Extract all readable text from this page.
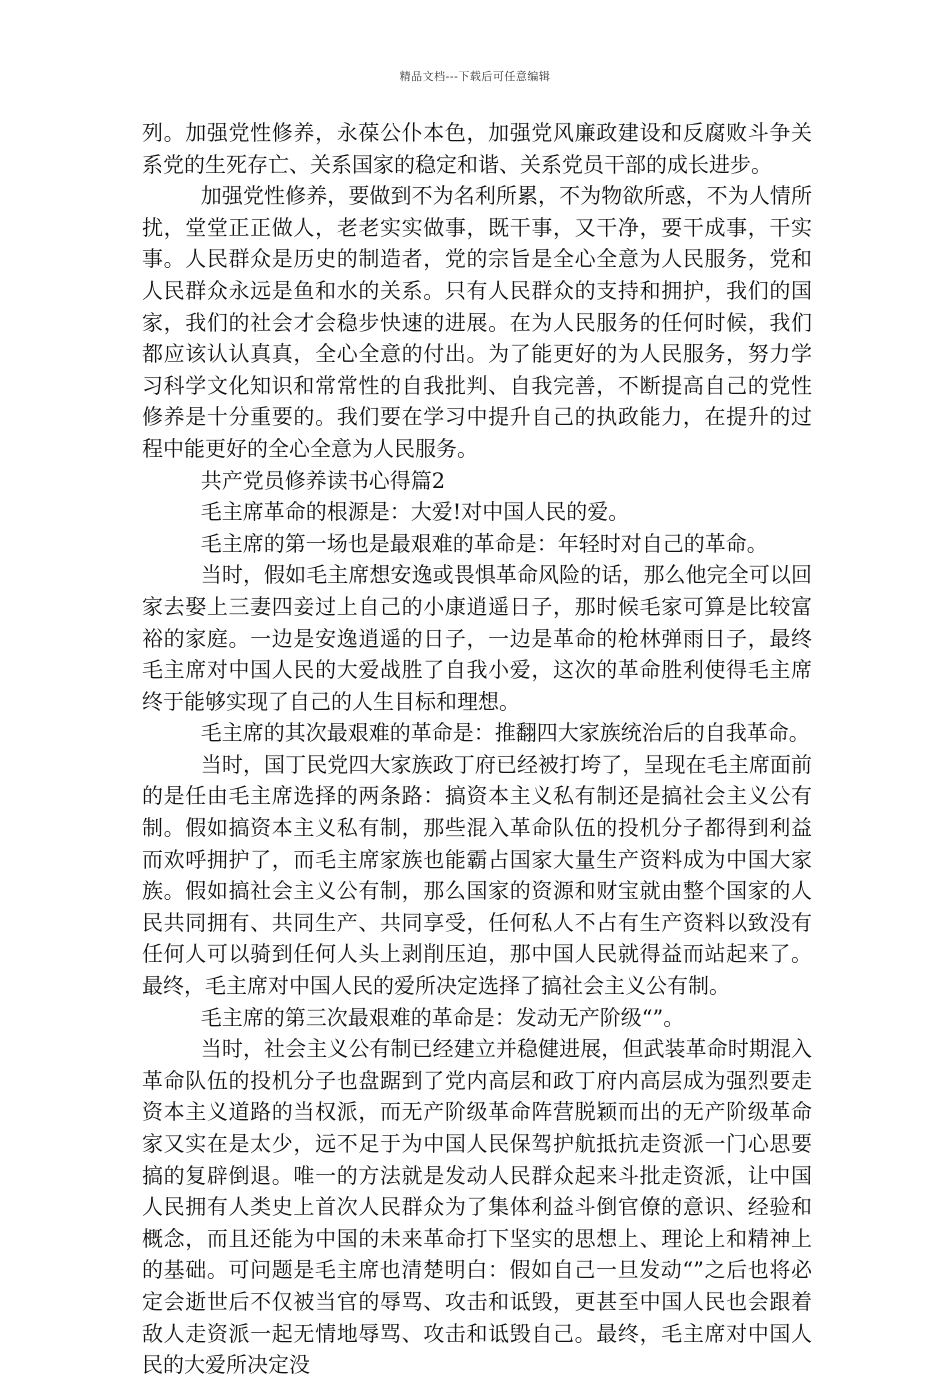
精品文档---下载后可任意编辑

列。加强党性修养，永葆公仆本色，加强党风廉政建设和反腐败斗争关系党的生死存亡、关系国家的稳定和谐、关系党员干部的成长进步。

加强党性修养，要做到不为名利所累，不为物欲所惑，不为人情所扰，堂堂正正做人，老老实实做事，既干事，又干净，要干成事，干实事。人民群众是历史的制造者，党的宗旨是全心全意为人民服务，党和人民群众永远是鱼和水的关系。只有人民群众的支持和拥护，我们的国家，我们的社会才会稳步快速的进展。在为人民服务的任何时候，我们都应该认认真真，全心全意的付出。为了能更好的为人民服务，努力学习科学文化知识和常常性的自我批判、自我完善，不断提高自己的党性修养是十分重要的。我们要在学习中提升自己的执政能力，在提升的过程中能更好的全心全意为人民服务。

共产党员修养读书心得篇2

毛主席革命的根源是：大爱!对中国人民的爱。

毛主席的第一场也是最艰难的革命是：年轻时对自己的革命。

当时，假如毛主席想安逸或畏惧革命风险的话，那么他完全可以回家去娶上三妻四妾过上自己的小康逍遥日子，那时候毛家可算是比较富裕的家庭。一边是安逸逍遥的日子，一边是革命的枪林弹雨日子，最终毛主席对中国人民的大爱战胜了自我小爱，这次的革命胜利使得毛主席终于能够实现了自己的人生目标和理想。

毛主席的其次最艰难的革命是：推翻四大家族统治后的自我革命。

当时，国丁民党四大家族政丁府已经被打垮了，呈现在毛主席面前的是任由毛主席选择的两条路：搞资本主义私有制还是搞社会主义公有制。假如搞资本主义私有制，那些混入革命队伍的投机分子都得到利益而欢呼拥护了，而毛主席家族也能霸占国家大量生产资料成为中国大家族。假如搞社会主义公有制，那么国家的资源和财宝就由整个国家的人民共同拥有、共同生产、共同享受，任何私人不占有生产资料以致没有任何人可以骑到任何人头上剥削压迫，那中国人民就得益而站起来了。最终，毛主席对中国人民的爱所决定选择了搞社会主义公有制。

毛主席的第三次最艰难的革命是：发动无产阶级“”。

当时，社会主义公有制已经建立并稳健进展，但武装革命时期混入革命队伍的投机分子也盘踞到了党内高层和政丁府内高层成为强烈要走资本主义道路的当权派，而无产阶级革命阵营脱颖而出的无产阶级革命家又实在是太少，远不足于为中国人民保驾护航抵抗走资派一门心思要搞的复辟倒退。唯一的方法就是发动人民群众起来斗批走资派，让中国人民拥有人类史上首次人民群众为了集体利益斗倒官僚的意识、经验和概念，而且还能为中国的未来革命打下坚实的思想上、理论上和精神上的基础。可问题是毛主席也清楚明白：假如自己一旦发动“”之后也将必定会逝世后不仅被当官的辱骂、攻击和诋毁，更甚至中国人民也会跟着敌人走资派一起无情地辱骂、攻击和诋毁自己。最终，毛主席对中国人民的大爱所决定没
